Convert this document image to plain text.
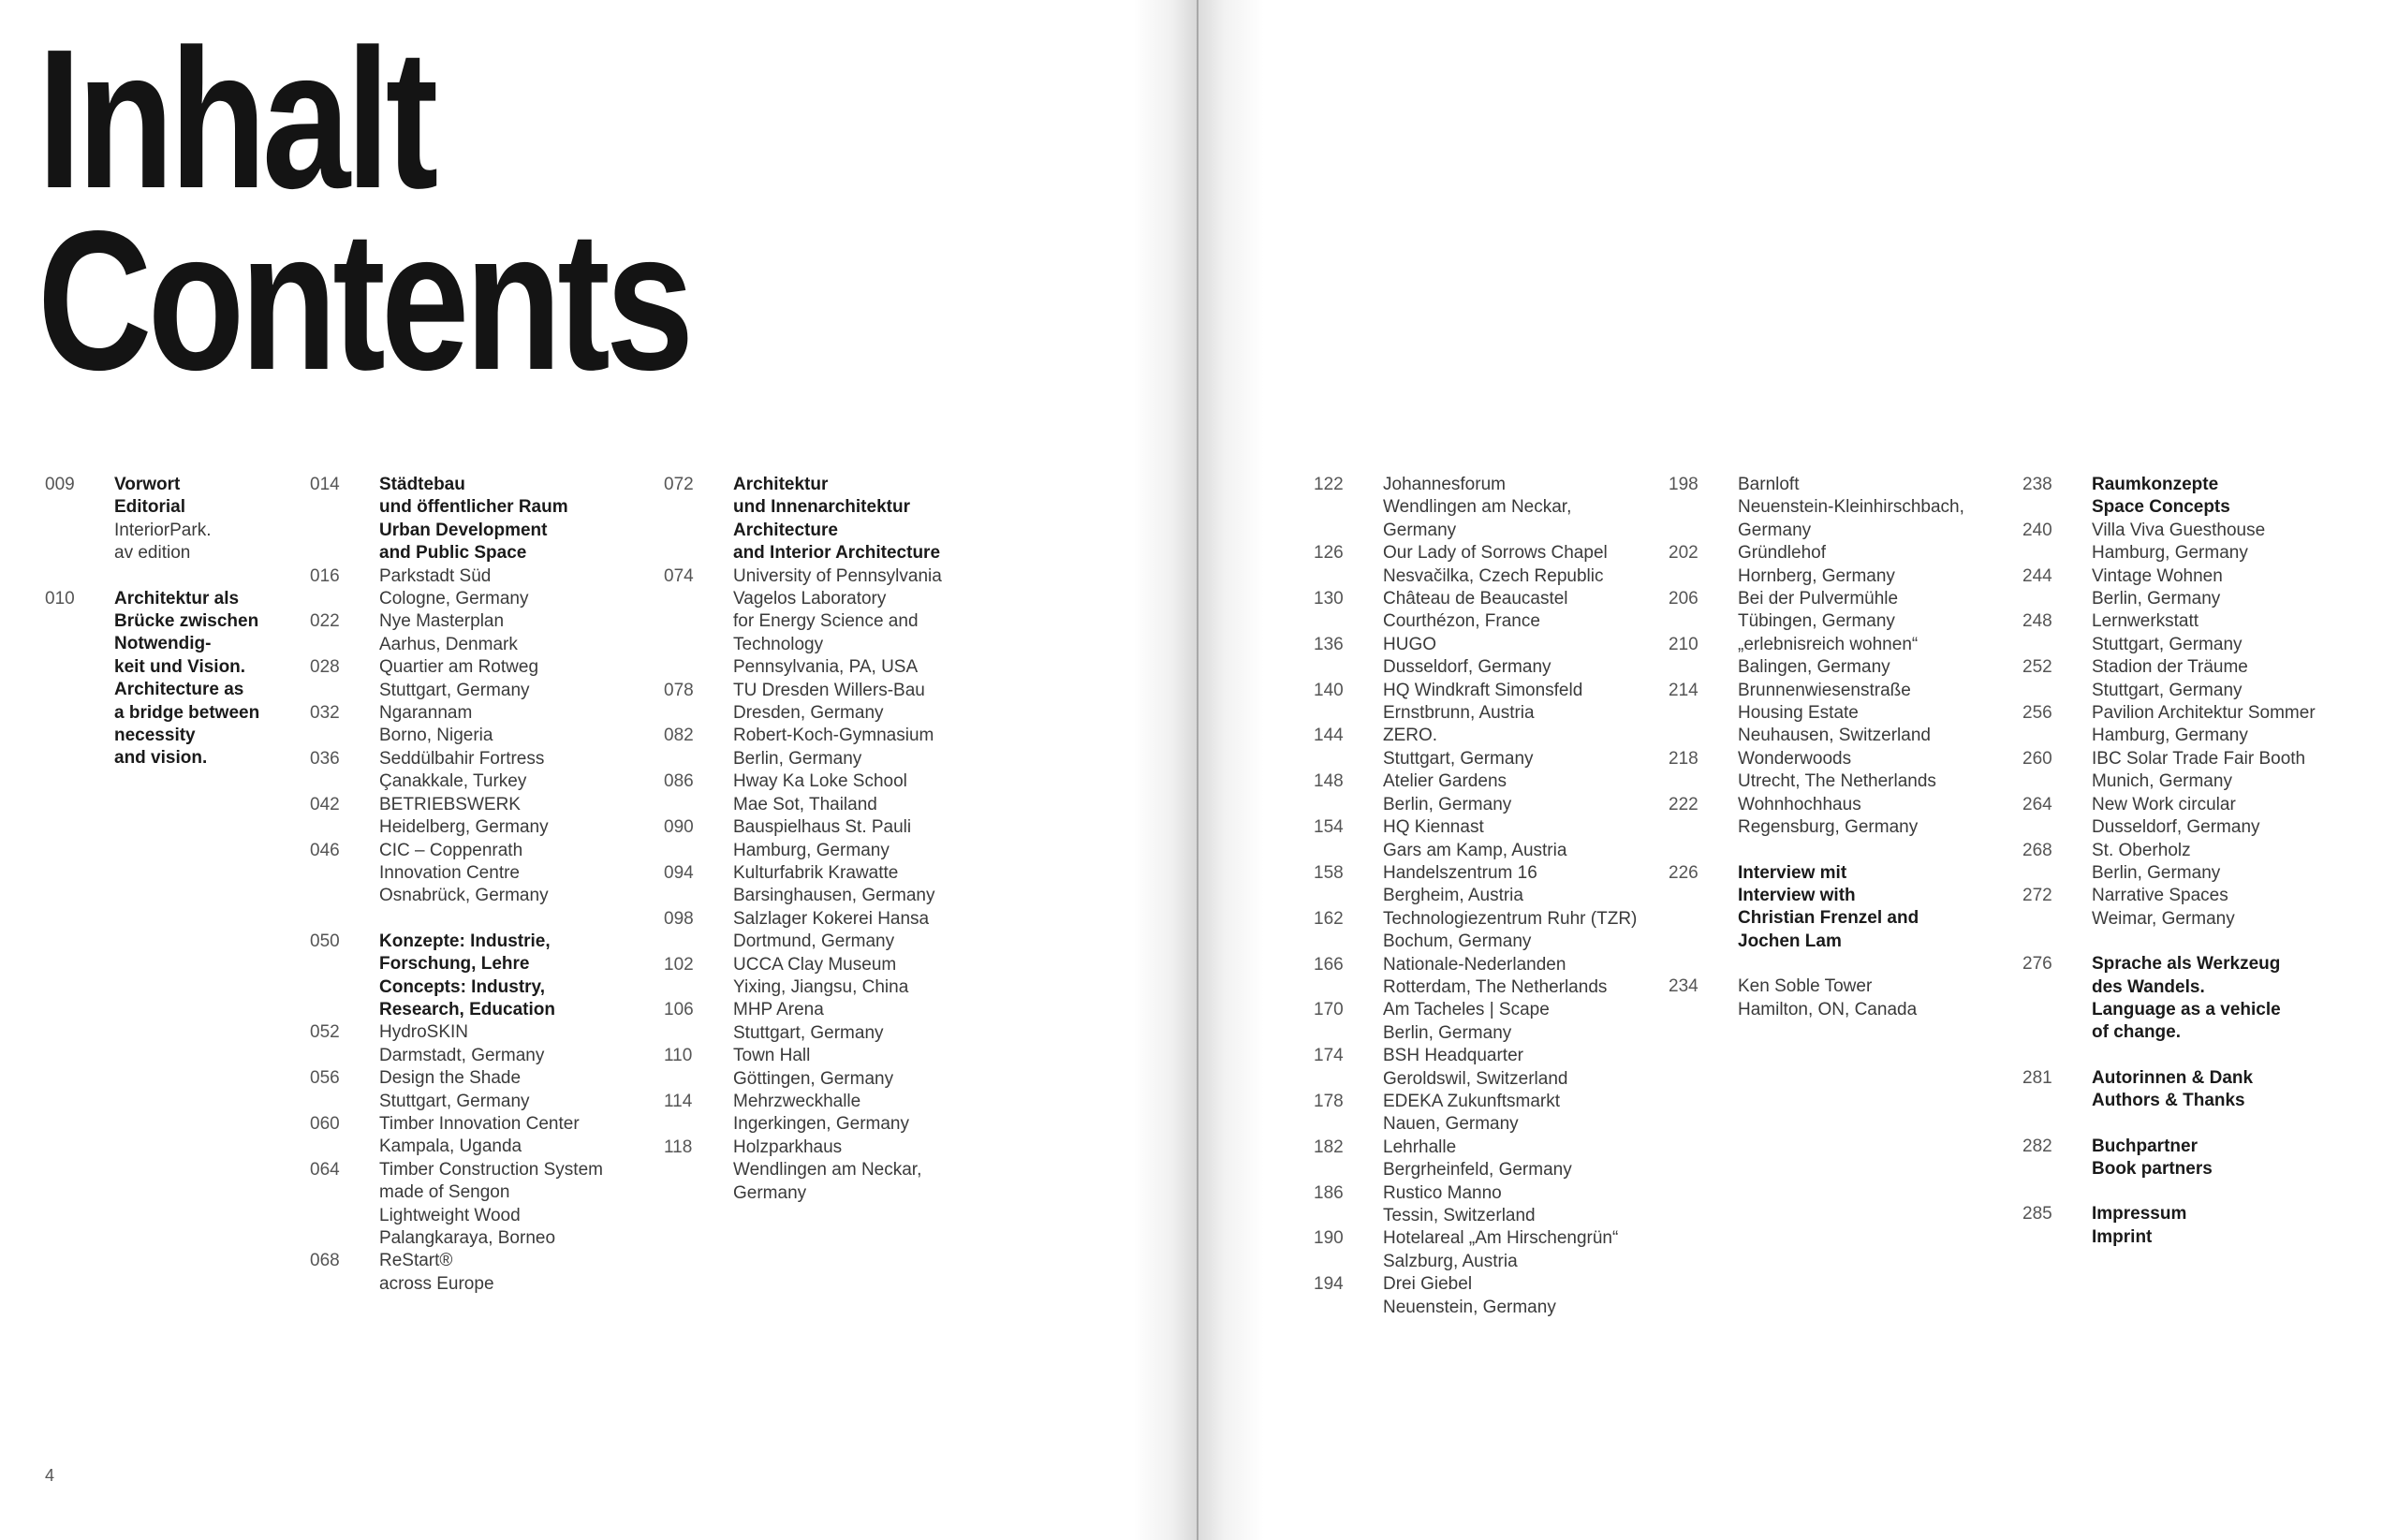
Inhalt
Contents
009	Vorwort
Editorial
InteriorPark.
av edition
010	Architektur als
Brücke zwischen
Notwendig-
keit und Vision.
Architecture as
a bridge between
necessity
and vision.
014	Städtebau
und öffentlicher Raum
Urban Development
and Public Space
016	Parkstadt Süd
Cologne, Germany
022	Nye Masterplan
Aarhus, Denmark
028	Quartier am Rotweg
Stuttgart, Germany
032	Ngarannam
Borno, Nigeria
036	Seddülbahir Fortress
Çanakkale, Turkey
042	BETRIEBSWERK
Heidelberg, Germany
046	CIC – Coppenrath
Innovation Centre
Osnabrück, Germany
050	Konzepte: Industrie,
Forschung, Lehre
Concepts: Industry,
Research, Education
052	HydroSKIN
Darmstadt, Germany
056	Design the Shade
Stuttgart, Germany
060	Timber Innovation Center
Kampala, Uganda
064	Timber Construction System
made of Sengon
Lightweight Wood
Palangkaraya, Borneo
068	ReStart®
across Europe
072	Architektur
und Innenarchitektur
Architecture
and Interior Architecture
074	University of Pennsylvania
Vagelos Laboratory
for Energy Science and
Technology
Pennsylvania, PA, USA
078	TU Dresden Willers-Bau
Dresden, Germany
082	Robert-Koch-Gymnasium
Berlin, Germany
086	Hway Ka Loke School
Mae Sot, Thailand
090	Bauspielhaus St. Pauli
Hamburg, Germany
094	Kulturfabrik Krawatte
Barsinghausen, Germany
098	Salzlager Kokerei Hansa
Dortmund, Germany
102	UCCA Clay Museum
Yixing, Jiangsu, China
106	MHP Arena
Stuttgart, Germany
110	Town Hall
Göttingen, Germany
114	Mehrzweckhalle
Ingerkingen, Germany
118	Holzparkhaus
Wendlingen am Neckar,
Germany
4
122	Johannesforum
Wendlingen am Neckar,
Germany
126	Our Lady of Sorrows Chapel
Nesvačilka, Czech Republic
130	Château de Beaucastel
Courthézon, France
136	HUGO
Dusseldorf, Germany
140	HQ Windkraft Simonsfeld
Ernstbrunn, Austria
144	ZERO.
Stuttgart, Germany
148	Atelier Gardens
Berlin, Germany
154	HQ Kiennast
Gars am Kamp, Austria
158	Handelszentrum 16
Bergheim, Austria
162	Technologiezentrum Ruhr (TZR)
Bochum, Germany
166	Nationale-Nederlanden
Rotterdam, The Netherlands
170	Am Tacheles | Scape
Berlin, Germany
174	BSH Headquarter
Geroldswil, Switzerland
178	EDEKA Zukunftsmarkt
Nauen, Germany
182	Lehrhalle
Bergrheinfeld, Germany
186	Rustico Manno
Tessin, Switzerland
190	Hotelareal „Am Hirschengrün“
Salzburg, Austria
194	Drei Giebel
Neuenstein, Germany
198	Barnloft
Neuenstein-Kleinhirschbach,
Germany
202	Gründlehof
Hornberg, Germany
206	Bei der Pulvermühle
Tübingen, Germany
210	„erlebnisreich wohnen“
Balingen, Germany
214	Brunnenwiesenstraße
Housing Estate
Neuhausen, Switzerland
218	Wonderwoods
Utrecht, The Netherlands
222	Wohnhochhaus
Regensburg, Germany
226	Interview mit
Interview with
Christian Frenzel and
Jochen Lam
234	Ken Soble Tower
Hamilton, ON, Canada
238	Raumkonzepte
Space Concepts
240	Villa Viva Guesthouse
Hamburg, Germany
244	Vintage Wohnen
Berlin, Germany
248	Lernwerkstatt
Stuttgart, Germany
252	Stadion der Träume
Stuttgart, Germany
256	Pavilion Architektur Sommer
Hamburg, Germany
260	IBC Solar Trade Fair Booth
Munich, Germany
264	New Work circular
Dusseldorf, Germany
268	St. Oberholz
Berlin, Germany
272	Narrative Spaces
Weimar, Germany
276	Sprache als Werkzeug
des Wandels.
Language as a vehicle
of change.
281	Autorinnen & Dank
Authors & Thanks
282	Buchpartner
Book partners
285	Impressum
Imprint
